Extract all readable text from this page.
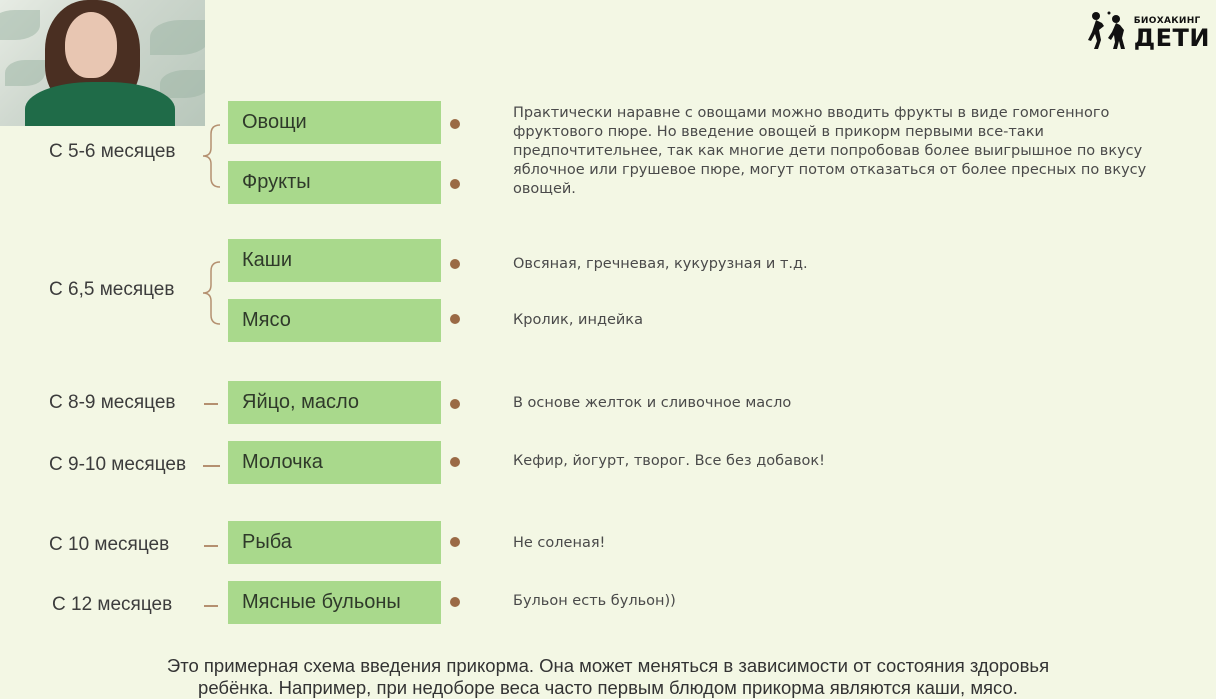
БИОХАКИНГ
ДЕТИ
С 5-6 месяцев
С 6,5 месяцев
С 8-9 месяцев
С 9-10 месяцев
С 10 месяцев
С 12 месяцев
Овощи
Фрукты
Каши
Мясо
Яйцо, масло
Молочка
Рыба
Мясные бульоны
Практически наравне с овощами можно вводить фрукты в виде гомогенного фруктового пюре. Но введение овощей в прикорм первыми все-таки предпочтительнее, так как многие дети попробовав более выигрышное по вкусу яблочное или грушевое пюре, могут потом отказаться от более пресных по вкусу овощей.
Овсяная, гречневая, кукурузная и т.д.
Кролик, индейка
В основе желток и сливочное масло
Кефир, йогурт, творог. Все без добавок!
Не соленая!
Бульон есть бульон))
Это примерная схема введения прикорма. Она может меняться в зависимости от состояния здоровья
ребёнка. Например, при недоборе веса часто первым блюдом прикорма являются каши, мясо.
